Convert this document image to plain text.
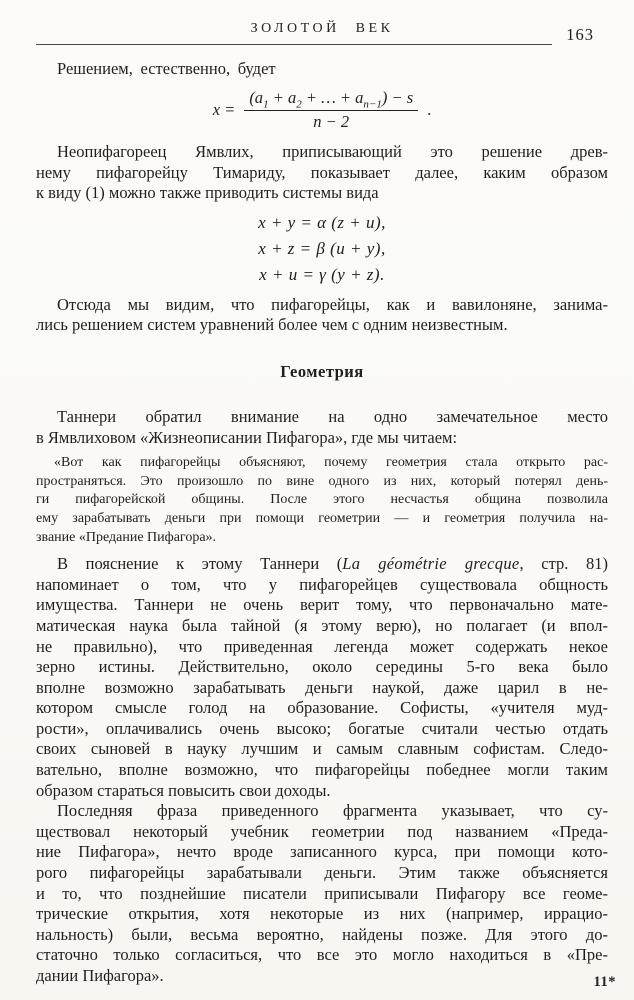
ЗОЛОТОЙ ВЕК	163

Решением, естественно, будет

$x = \frac{(a_1 + a_2 + \dots + a_{n-1}) - s}{n - 2}$ .
Неопифагореец Ямвлих, приписывающий это решение древ-
нему пифагорейцу Тимариду, показывает далее, каким образом
к виду (1) можно также приводить системы вида
x + y = α (z + u),
x + z = β (u + y),
x + u = γ (y + z).
Отсюда мы видим, что пифагорейцы, как и вавилоняне, занима-
лись решением систем уравнений более чем с одним неизвестным.
Геометрия
Таннери обратил внимание на одно замечательное место
в Ямвлиховом «Жизнеописании Пифагора», где мы читаем:
«Вот как пифагорейцы объясняют, почему геометрия стала открыто рас-
пространяться. Это произошло по вине одного из них, который потерял день-
ги пифагорейской общины. После этого несчастья община позволила
ему зарабатывать деньги при помощи геометрии — и геометрия получила на-
звание «Предание Пифагора».
В пояснение к этому Таннери (La géométrie grecque, стр. 81)
напоминает о том, что у пифагорейцев существовала общность
имущества. Таннери не очень верит тому, что первоначально мате-
матическая наука была тайной (я этому верю), но полагает (и впол-
не правильно), что приведенная легенда может содержать некое
зерно истины. Действительно, около середины 5-го века было
вполне возможно зарабатывать деньги наукой, даже царил в не-
котором смысле голод на образование. Софисты, «учителя муд-
рости», оплачивались очень высоко; богатые считали честью отдать
своих сыновей в науку лучшим и самым славным софистам. Следо-
вательно, вполне возможно, что пифагорейцы победнее могли таким
образом стараться повысить свои доходы.
Последняя фраза приведенного фрагмента указывает, что су-
ществовал некоторый учебник геометрии под названием «Преда-
ние Пифагора», нечто вроде записанного курса, при помощи кото-
рого пифагорейцы зарабатывали деньги. Этим также объясняется
и то, что позднейшие писатели приписывали Пифагору все геоме-
трические открытия, хотя некоторые из них (например, иррацио-
нальность) были, весьма вероятно, найдены позже. Для этого до-
статочно только согласиться, что все это могло находиться в «Пре-
дании Пифагора».	11*
